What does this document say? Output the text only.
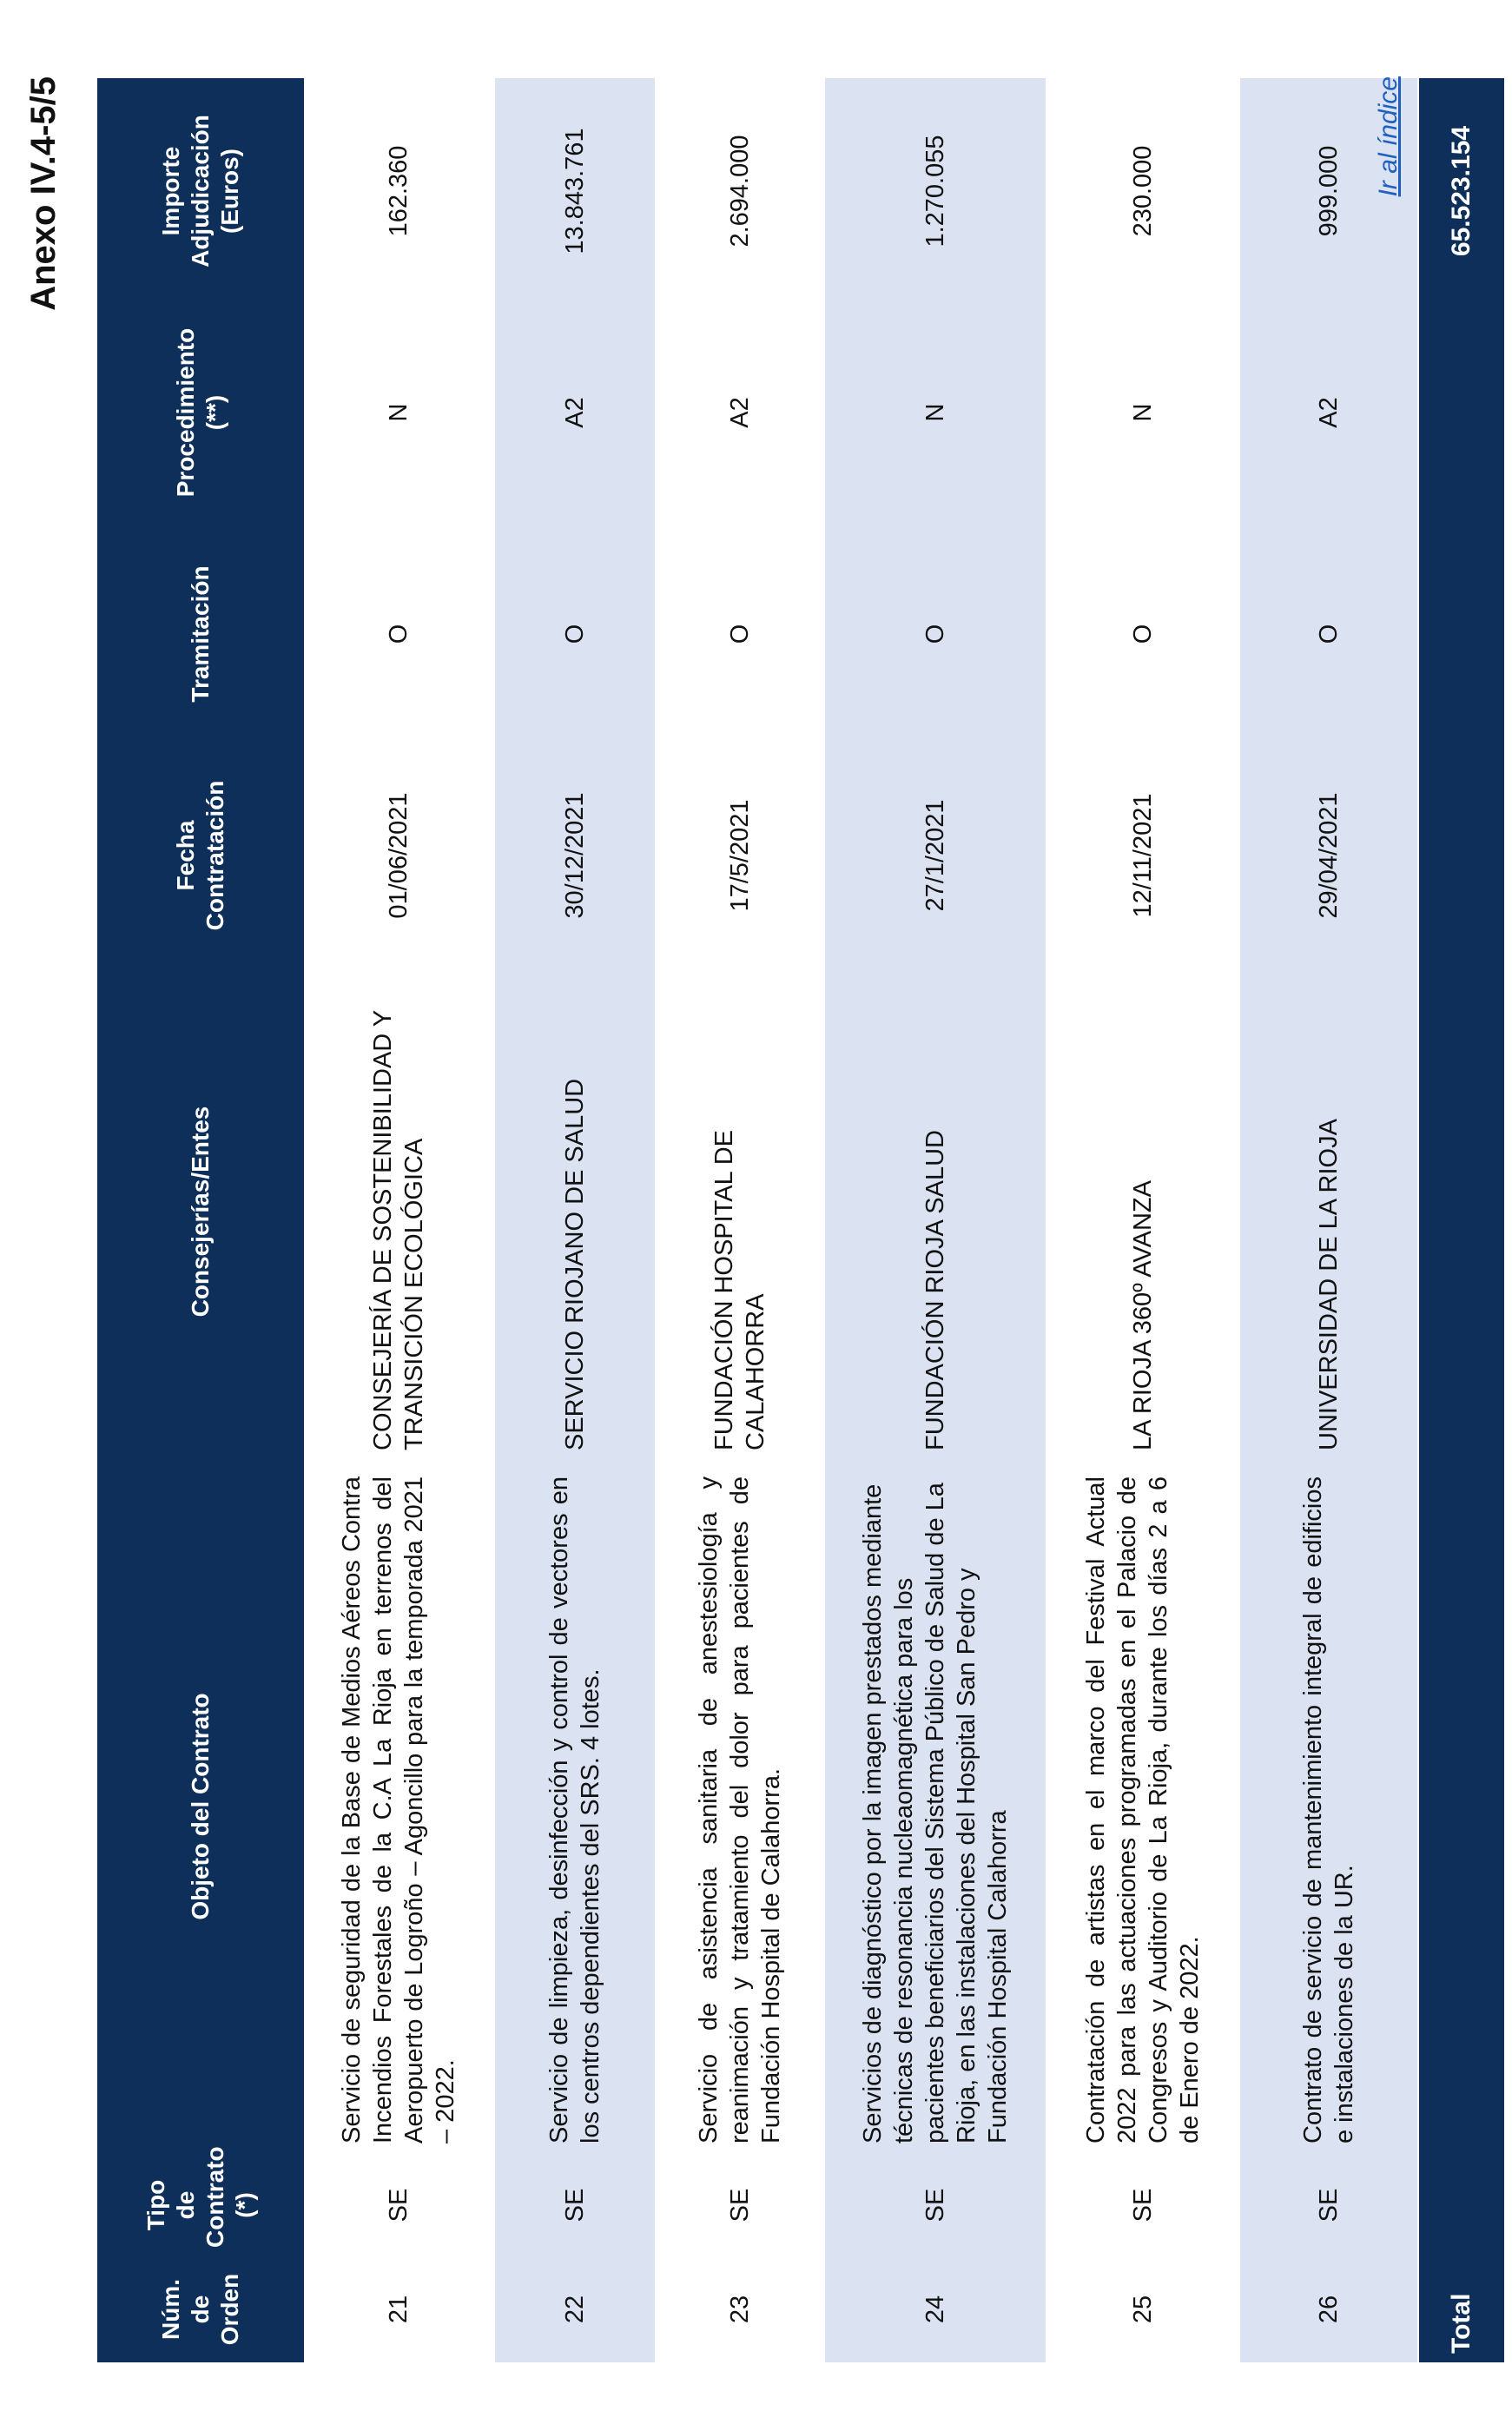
Anexo IV.4-5/5
Núm. de Orden	Tipo de Contrato (*)	Objeto del Contrato	Consejerías/Entes	Fecha Contratación	Tramitación	Procedimiento (**)	Importe Adjudicación (Euros)
21	SE	Servicio de seguridad de la Base de Medios Aéreos Contra Incendios Forestales de la C.A La Rioja en terrenos del Aeropuerto de Logroño – Agoncillo para la temporada 2021 – 2022.	CONSEJERÍA DE SOSTENIBILIDAD Y TRANSICIÓN ECOLÓGICA	01/06/2021	O	N	162.360
22	SE	Servicio de limpieza, desinfección y control de vectores en los centros dependientes del SRS. 4 lotes.	SERVICIO RIOJANO DE SALUD	30/12/2021	O	A2	13.843.761
23	SE	Servicio de asistencia sanitaria de anestesiología y reanimación y tratamiento del dolor para pacientes de Fundación Hospital de Calahorra.	FUNDACIÓN HOSPITAL DE CALAHORRA	17/5/2021	O	A2	2.694.000
24	SE	Servicios de diagnóstico por la imagen prestados mediante técnicas de resonancia nucleaomagnética para los pacientes beneficiarios del Sistema Público de Salud de La Rioja, en las instalaciones del Hospital San Pedro y Fundación Hospital Calahorra	FUNDACIÓN RIOJA SALUD	27/1/2021	O	N	1.270.055
25	SE	Contratación de artistas en el marco del Festival Actual 2022 para las actuaciones programadas en el Palacio de Congresos y Auditorio de La Rioja, durante los días 2 a 6 de Enero de 2022.	LA RIOJA 360º AVANZA	12/11/2021	O	N	230.000
26	SE	Contrato de servicio de mantenimiento integral de edificios e instalaciones de la UR.	UNIVERSIDAD DE LA RIOJA	29/04/2021	O	A2	999.000
Total							65.523.154
Ir al índice
